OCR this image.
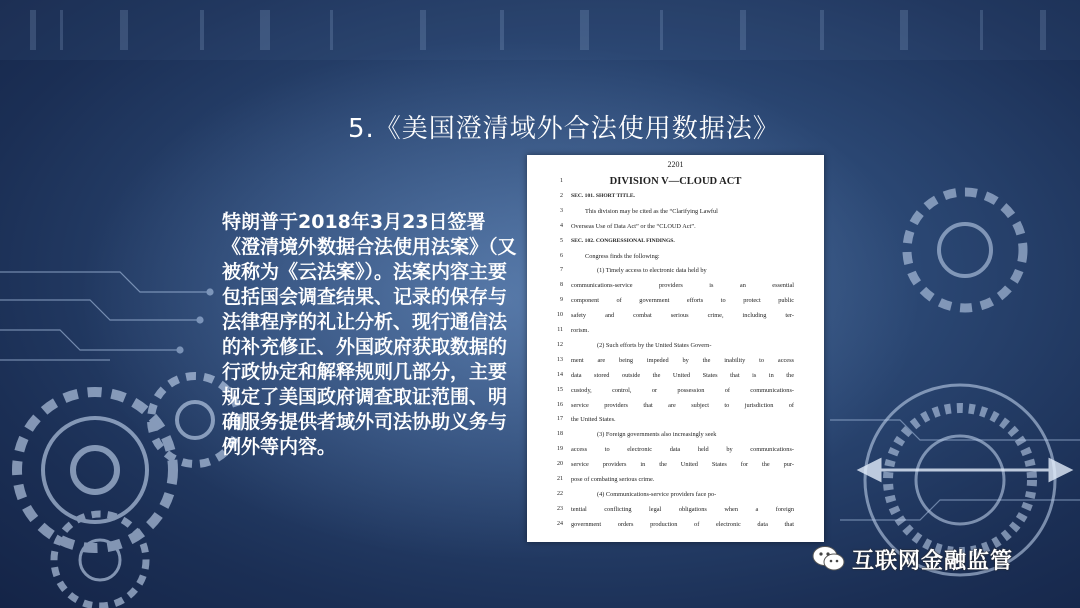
5.《美国澄清域外合法使用数据法》
特朗普于2018年3月23日签署《澄清境外数据合法使用法案》（又被称为《云法案》）。法案内容主要包括国会调查结果、记录的保存与法律程序的礼让分析、现行通信法的补充修正、外国政府获取数据的行政协定和解释规则几部分，主要规定了美国政府调查取证范围、明确服务提供者域外司法协助义务与例外等内容。
2201
1	DIVISION V—CLOUD ACT
2 SEC. 101. SHORT TITLE.
3	This division may be cited as the “Clarifying Lawful
4 Overseas Use of Data Act” or the “CLOUD Act”.
5 SEC. 102. CONGRESSIONAL FINDINGS.
6	Congress finds the following:
7	(1) Timely access to electronic data held by
8 communications-service providers is an essential
9 component of government efforts to protect public
10 safety and combat serious crime, including ter-
11 rorism.
12	(2) Such efforts by the United States Govern-
13 ment are being impeded by the inability to access
14 data stored outside the United States that is in the
15 custody, control, or possession of communications-
16 service providers that are subject to jurisdiction of
17 the United States.
18	(3) Foreign governments also increasingly seek
19 access to electronic data held by communications-
20 service providers in the United States for the pur-
21 pose of combating serious crime.
22	(4) Communications-service providers face po-
23 tential conflicting legal obligations when a foreign
24 government orders production of electronic data that
互联网金融监管
